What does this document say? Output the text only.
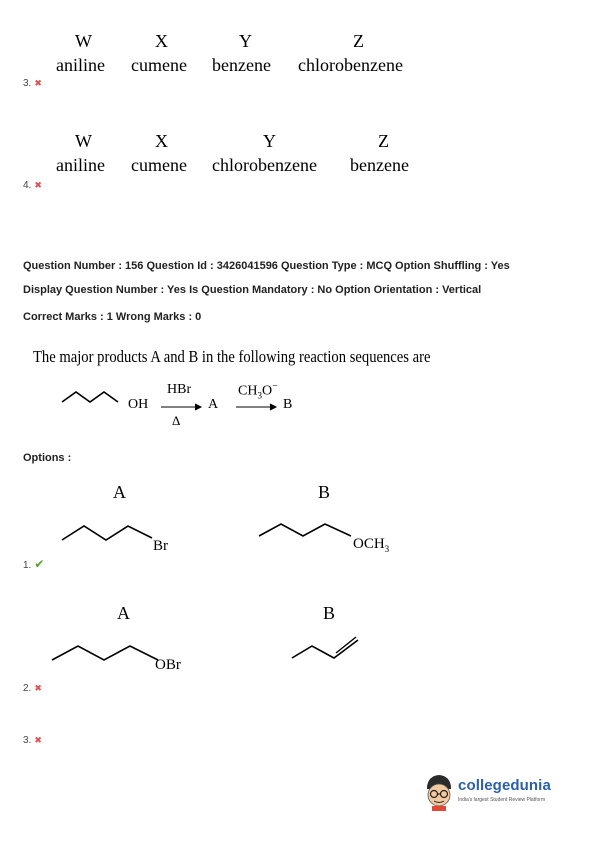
W	X	Y	Z
aniline cumene benzene chlorobenzene
3. ✖
W	X	Y	Z
aniline cumene chlorobenzene benzene
4. ✖
Question Number : 156 Question Id : 3426041596 Question Type : MCQ Option Shuffling : Yes
Display Question Number : Yes Is Question Mandatory : No Option Orientation : Vertical
Correct Marks : 1 Wrong Marks : 0
The major products A and B in the following reaction sequences are
OH
HBr
Δ
A
$CH_3O^-$
B
Options :
A	B
Br	$OCH_3$
1. ✔
A	B
OBr
2. ✖
3. ✖
collegedunia
India's largest Student Review Platform
